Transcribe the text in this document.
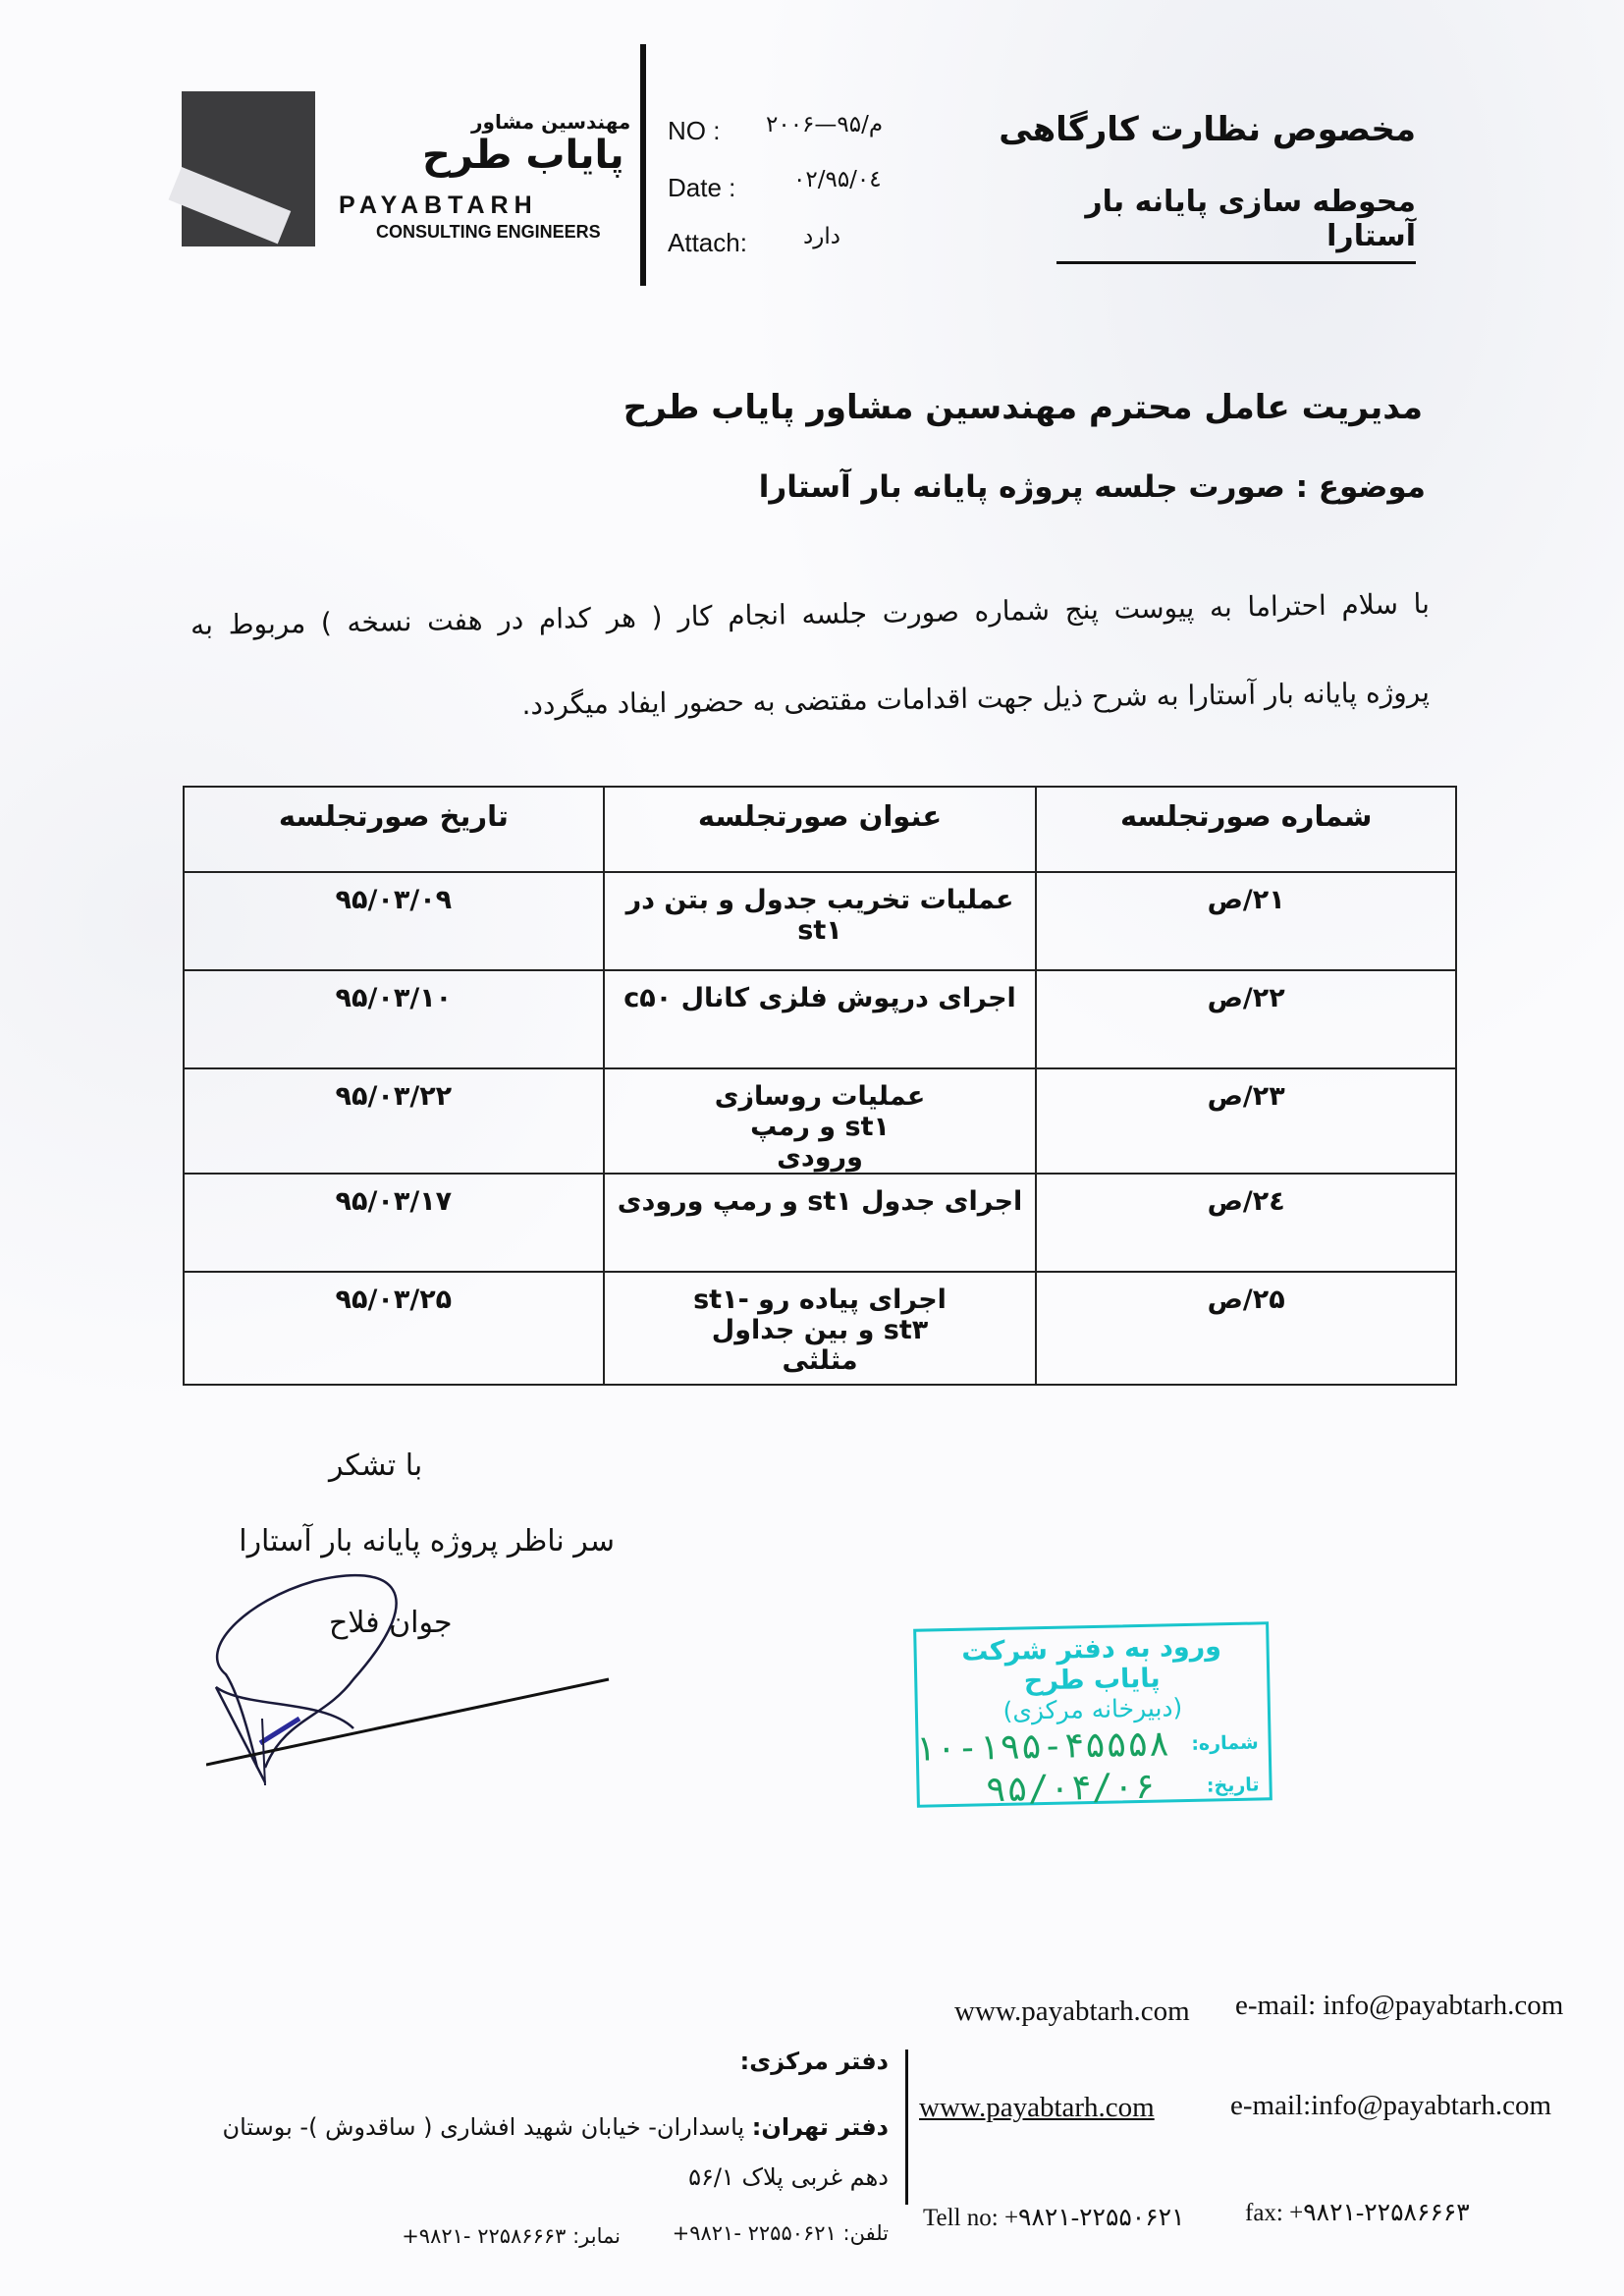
مهندسین مشاور
پایاب طرح
PAYABTARH
CONSULTING ENGINEERS
NO : م/۹۵—۲۰۰۶
Date :	۹۵/۰٤/۰۲
Attach: دارد
مخصوص نظارت کارگاهی
محوطه سازی پایانه بار آستارا
مدیریت عامل محترم مهندسین مشاور پایاب طرح
موضوع : صورت جلسه پروژه پایانه بار آستارا
با سلام احتراما به پیوست پنج شماره صورت جلسه انجام کار ( هر کدام در هفت نسخه ) مربوط به
پروژه پایانه بار آستارا به شرح ذیل جهت اقدامات مقتضی به حضور ایفاد میگردد.
شماره صورتجلسه	عنوان صورتجلسه	تاریخ صورتجلسه
۲۱/ص	عملیات تخریب جدول و بتن در st۱	۹۵/۰۳/۰۹
۲۲/ص	اجرای درپوش فلزی کانال c۵۰	۹۵/۰۳/۱۰
۲۳/ص	عملیات روسازی st۱ و رمپ ورودی	۹۵/۰۳/۲۲
۲٤/ص	اجرای جدول st۱ و رمپ ورودی	۹۵/۰۳/۱۷
۲۵/ص	اجرای پیاده رو st۱-st۳ و بین جداول مثلثی	۹۵/۰۳/۲۵
با تشکر
سر ناظر پروژه پایانه بار آستارا
جوان فلاح
ورود به دفتر شرکت پایاب طرح
(دبیرخانه مرکزی)
شماره:
۱۰-۱۹۵-۴۵۵۵۸
تاریخ:
۹۵/۰۴/۰۶
www.payabtarh.com e-mail: info@payabtarh.com
دفتر مرکزی:
دفتر تهران: پاسداران- خیابان شهید افشاری ( ساقدوش )- بوستان
دهم غربی پلاک ۵۶/۱
تلفن: ۲۲۵۵۰۶۲۱ -۹۸۲۱+
نمابر: ۲۲۵۸۶۶۶۳ -۹۸۲۱+
www.payabtarh.com	e-mail:info@payabtarh.com
Tell no: +۹۸۲۱-۲۲۵۵۰۶۲۱ fax: +۹۸۲۱-۲۲۵۸۶۶۶۳
